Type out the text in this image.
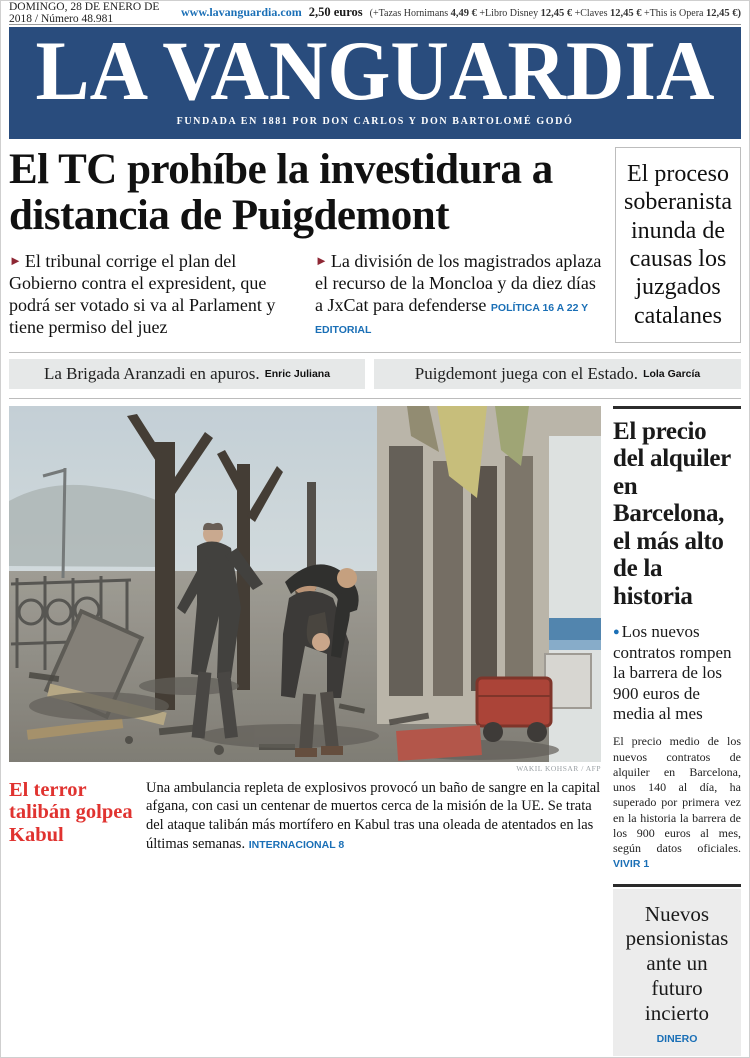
DOMINGO, 28 DE ENERO DE 2018 / Número 48.981	www.lavanguardia.com 2,50 euros (+Tazas Hornimans 4,49 € +Libro Disney 12,45 € +Claves 12,45 € +This is Opera 12,45 €)
LA VANGUARDIA
FUNDADA EN 1881 POR DON CARLOS Y DON BARTOLOMÉ GODÓ
El TC prohíbe la investidura a distancia de Puigdemont
► El tribunal corrige el plan del Gobierno contra el expresident, que podrá ser votado si va al Parlament y tiene permiso del juez
► La división de los magistrados aplaza el recurso de la Moncloa y da diez días a JxCat para defenderse POLÍTICA 16 A 22 Y EDITORIAL
El proceso soberanista inunda de causas los juzgados catalanes
La Brigada Aranzadi en apuros. Enric Juliana	Puigdemont juega con el Estado. Lola García
WAKIL KOHSAR / AFP
El terror talibán golpea Kabul
Una ambulancia repleta de explosivos provocó un baño de sangre en la capital afgana, con casi un centenar de muertos cerca de la misión de la UE. Se trata del ataque talibán más mortífero en Kabul tras una oleada de atentados en las últimas semanas. INTERNACIONAL 8
El precio del alquiler en Barcelona, el más alto de la historia
● Los nuevos contratos rompen la barrera de los 900 euros de media al mes
El precio medio de los nuevos contratos de alquiler en Barcelona, unos 140 al día, ha superado por primera vez en la historia la barrera de los 900 euros al mes, según datos oficiales. VIVIR 1
Nuevos pensionistas ante un futuro incierto
DINERO
